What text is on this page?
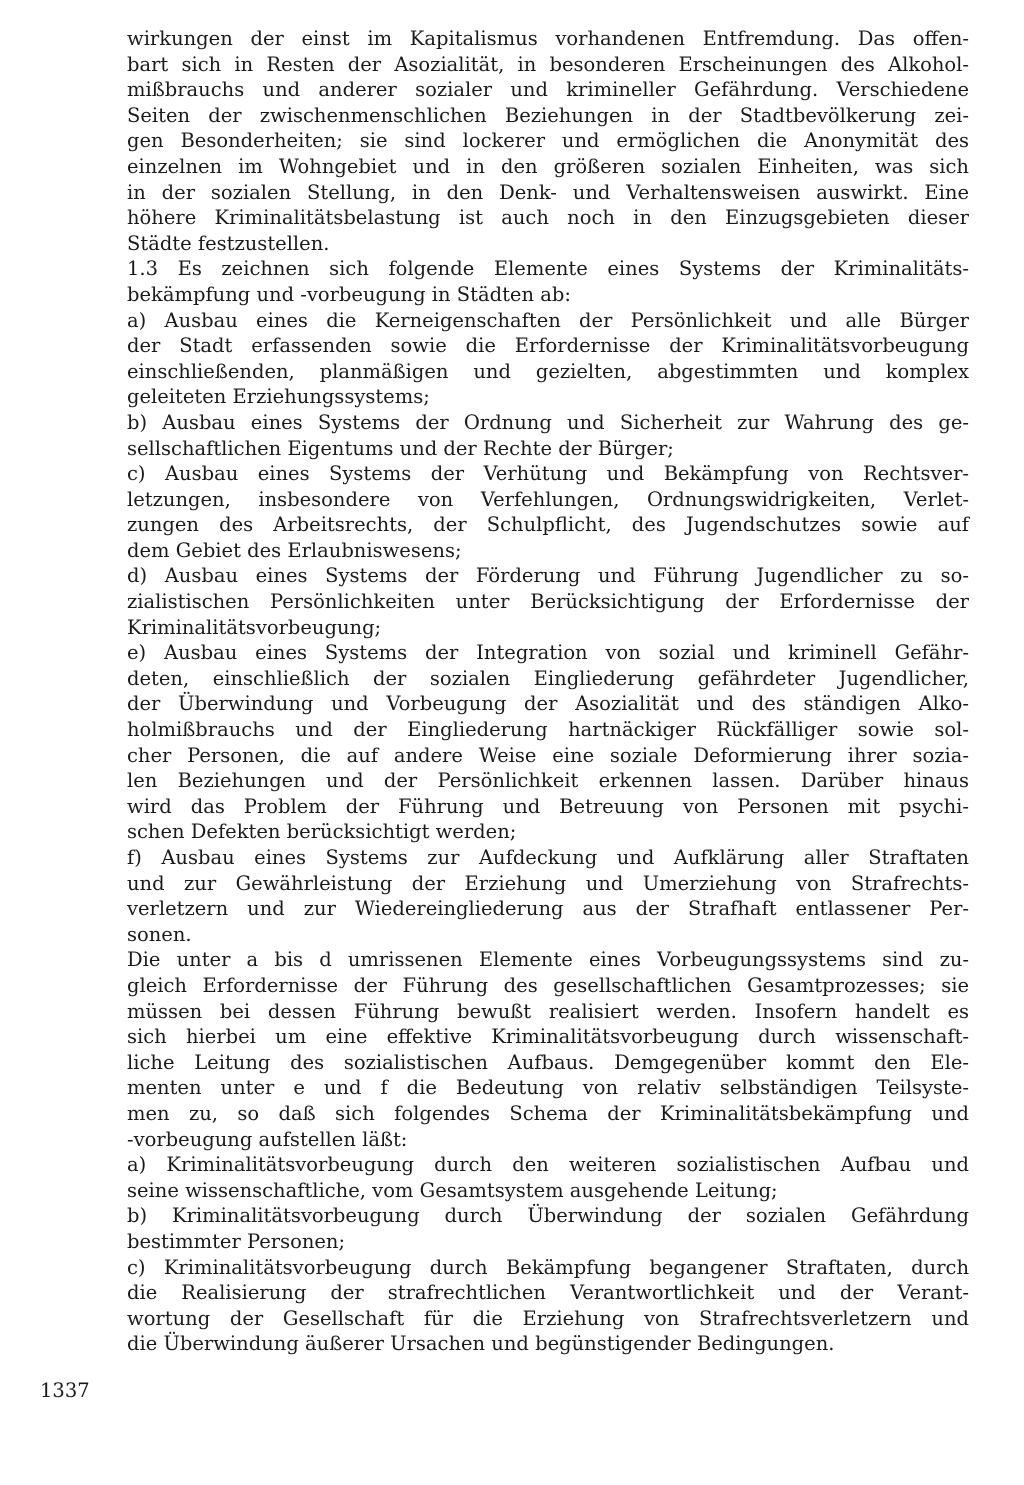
wirkungen der einst im Kapitalismus vorhandenen Entfremdung. Das offen-
bart sich in Resten der Asozialität, in besonderen Erscheinungen des Alkohol-
mißbrauchs und anderer sozialer und krimineller Gefährdung. Verschiedene
Seiten der zwischenmenschlichen Beziehungen in der Stadtbevölkerung zei-
gen Besonderheiten; sie sind lockerer und ermöglichen die Anonymität des
einzelnen im Wohngebiet und in den größeren sozialen Einheiten, was sich
in der sozialen Stellung, in den Denk- und Verhaltensweisen auswirkt. Eine
höhere Kriminalitätsbelastung ist auch noch in den Einzugsgebieten dieser
Städte festzustellen.
1.3 Es zeichnen sich folgende Elemente eines Systems der Kriminalitäts-
bekämpfung und -vorbeugung in Städten ab:
a) Ausbau eines die Kerneigenschaften der Persönlichkeit und alle Bürger
der Stadt erfassenden sowie die Erfordernisse der Kriminalitätsvorbeugung
einschließenden, planmäßigen und gezielten, abgestimmten und komplex
geleiteten Erziehungssystems;
b) Ausbau eines Systems der Ordnung und Sicherheit zur Wahrung des ge-
sellschaftlichen Eigentums und der Rechte der Bürger;
c) Ausbau eines Systems der Verhütung und Bekämpfung von Rechtsver-
letzungen, insbesondere von Verfehlungen, Ordnungswidrigkeiten, Verlet-
zungen des Arbeitsrechts, der Schulpflicht, des Jugendschutzes sowie auf
dem Gebiet des Erlaubniswesens;
d) Ausbau eines Systems der Förderung und Führung Jugendlicher zu so-
zialistischen Persönlichkeiten unter Berücksichtigung der Erfordernisse der
Kriminalitätsvorbeugung;
e) Ausbau eines Systems der Integration von sozial und kriminell Gefähr-
deten, einschließlich der sozialen Eingliederung gefährdeter Jugendlicher,
der Überwindung und Vorbeugung der Asozialität und des ständigen Alko-
holmißbrauchs und der Eingliederung hartnäckiger Rückfälliger sowie sol-
cher Personen, die auf andere Weise eine soziale Deformierung ihrer sozia-
len Beziehungen und der Persönlichkeit erkennen lassen. Darüber hinaus
wird das Problem der Führung und Betreuung von Personen mit psychi-
schen Defekten berücksichtigt werden;
f) Ausbau eines Systems zur Aufdeckung und Aufklärung aller Straftaten
und zur Gewährleistung der Erziehung und Umerziehung von Strafrechts-
verletzern und zur Wiedereingliederung aus der Strafhaft entlassener Per-
sonen.
Die unter a bis d umrissenen Elemente eines Vorbeugungssystems sind zu-
gleich Erfordernisse der Führung des gesellschaftlichen Gesamtprozesses; sie
müssen bei dessen Führung bewußt realisiert werden. Insofern handelt es
sich hierbei um eine effektive Kriminalitätsvorbeugung durch wissenschaft-
liche Leitung des sozialistischen Aufbaus. Demgegenüber kommt den Ele-
menten unter e und f die Bedeutung von relativ selbständigen Teilsyste-
men zu, so daß sich folgendes Schema der Kriminalitätsbekämpfung und
-vorbeugung aufstellen läßt:
a) Kriminalitätsvorbeugung durch den weiteren sozialistischen Aufbau und
seine wissenschaftliche, vom Gesamtsystem ausgehende Leitung;
b) Kriminalitätsvorbeugung durch Überwindung der sozialen Gefährdung
bestimmter Personen;
c) Kriminalitätsvorbeugung durch Bekämpfung begangener Straftaten, durch
die Realisierung der strafrechtlichen Verantwortlichkeit und der Verant-
wortung der Gesellschaft für die Erziehung von Strafrechtsverletzern und
die Überwindung äußerer Ursachen und begünstigender Bedingungen.
1337
